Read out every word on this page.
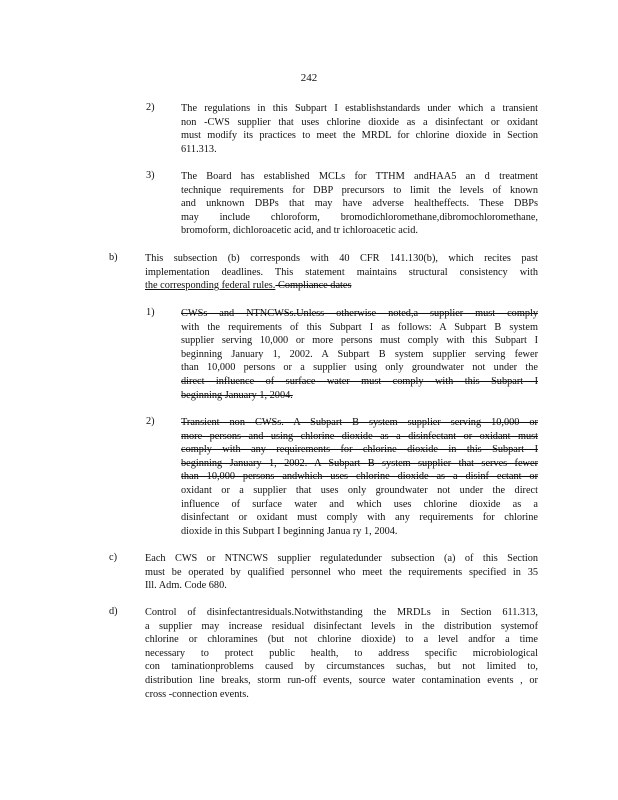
242
2)	The regulations in this Subpart I establishstandards under which a transient
non -CWS supplier that uses chlorine dioxide as a disinfectant or oxidant
must modify its practices to meet the MRDL for chlorine dioxide in Section
611.313.
3)	The Board has established MCLs for TTHM andHAA5 an d treatment
technique requirements for DBP precursors to limit the levels of known
and unknown DBPs that may have adverse healtheffects. These DBPs
may include chloroform, bromodichloromethane,dibromochloromethane,
bromoform, dichloroacetic acid, and tr ichloroacetic acid.
b)	This subsection (b) corresponds with 40 CFR 141.130(b), which recites past
implementation deadlines. This statement maintains structural consistency with
the corresponding federal rules. Compliance dates
1)	CWSs and NTNCWSs.Unless otherwise noted,a supplier must comply
with the requirements of this Subpart I as follows: A Subpart B system
supplier serving 10,000 or more persons must comply with this Subpart I
beginning January 1, 2002. A Subpart B system supplier serving fewer
than 10,000 persons or a supplier using only groundwater not under the
direct influence of surface water must comply with this Subpart I
beginning January 1, 2004.
2)	Transient non CWSs. A Subpart B system supplier serving 10,000 or
more persons and using chlorine dioxide as a disinfectant or oxidant must
comply with any requirements for chlorine dioxide in this Subpart I
beginning January 1, 2002. A Subpart B system supplier that serves fewer
than 10,000 persons andwhich uses chlorine dioxide as a disinf ectant or
oxidant or a supplier that uses only groundwater not under the direct
influence of surface water and which uses chlorine dioxide as a
disinfectant or oxidant must comply with any requirements for chlorine
dioxide in this Subpart I beginning Janua ry 1, 2004.
c)	Each CWS or NTNCWS supplier regulatedunder subsection (a) of this Section
must be operated by qualified personnel who meet the requirements specified in 35
Ill. Adm. Code 680.
d)	Control of disinfectantresiduals.Notwithstanding the MRDLs in Section 611.313,
a supplier may increase residual disinfectant levels in the distribution systemof
chlorine or chloramines (but not chlorine dioxide) to a level andfor a time
necessary to protect public health, to address specific microbiological
con taminationproblems caused by circumstances suchas, but not limited to,
distribution line breaks, storm run-off events, source water contamination events , or
cross -connection events.
